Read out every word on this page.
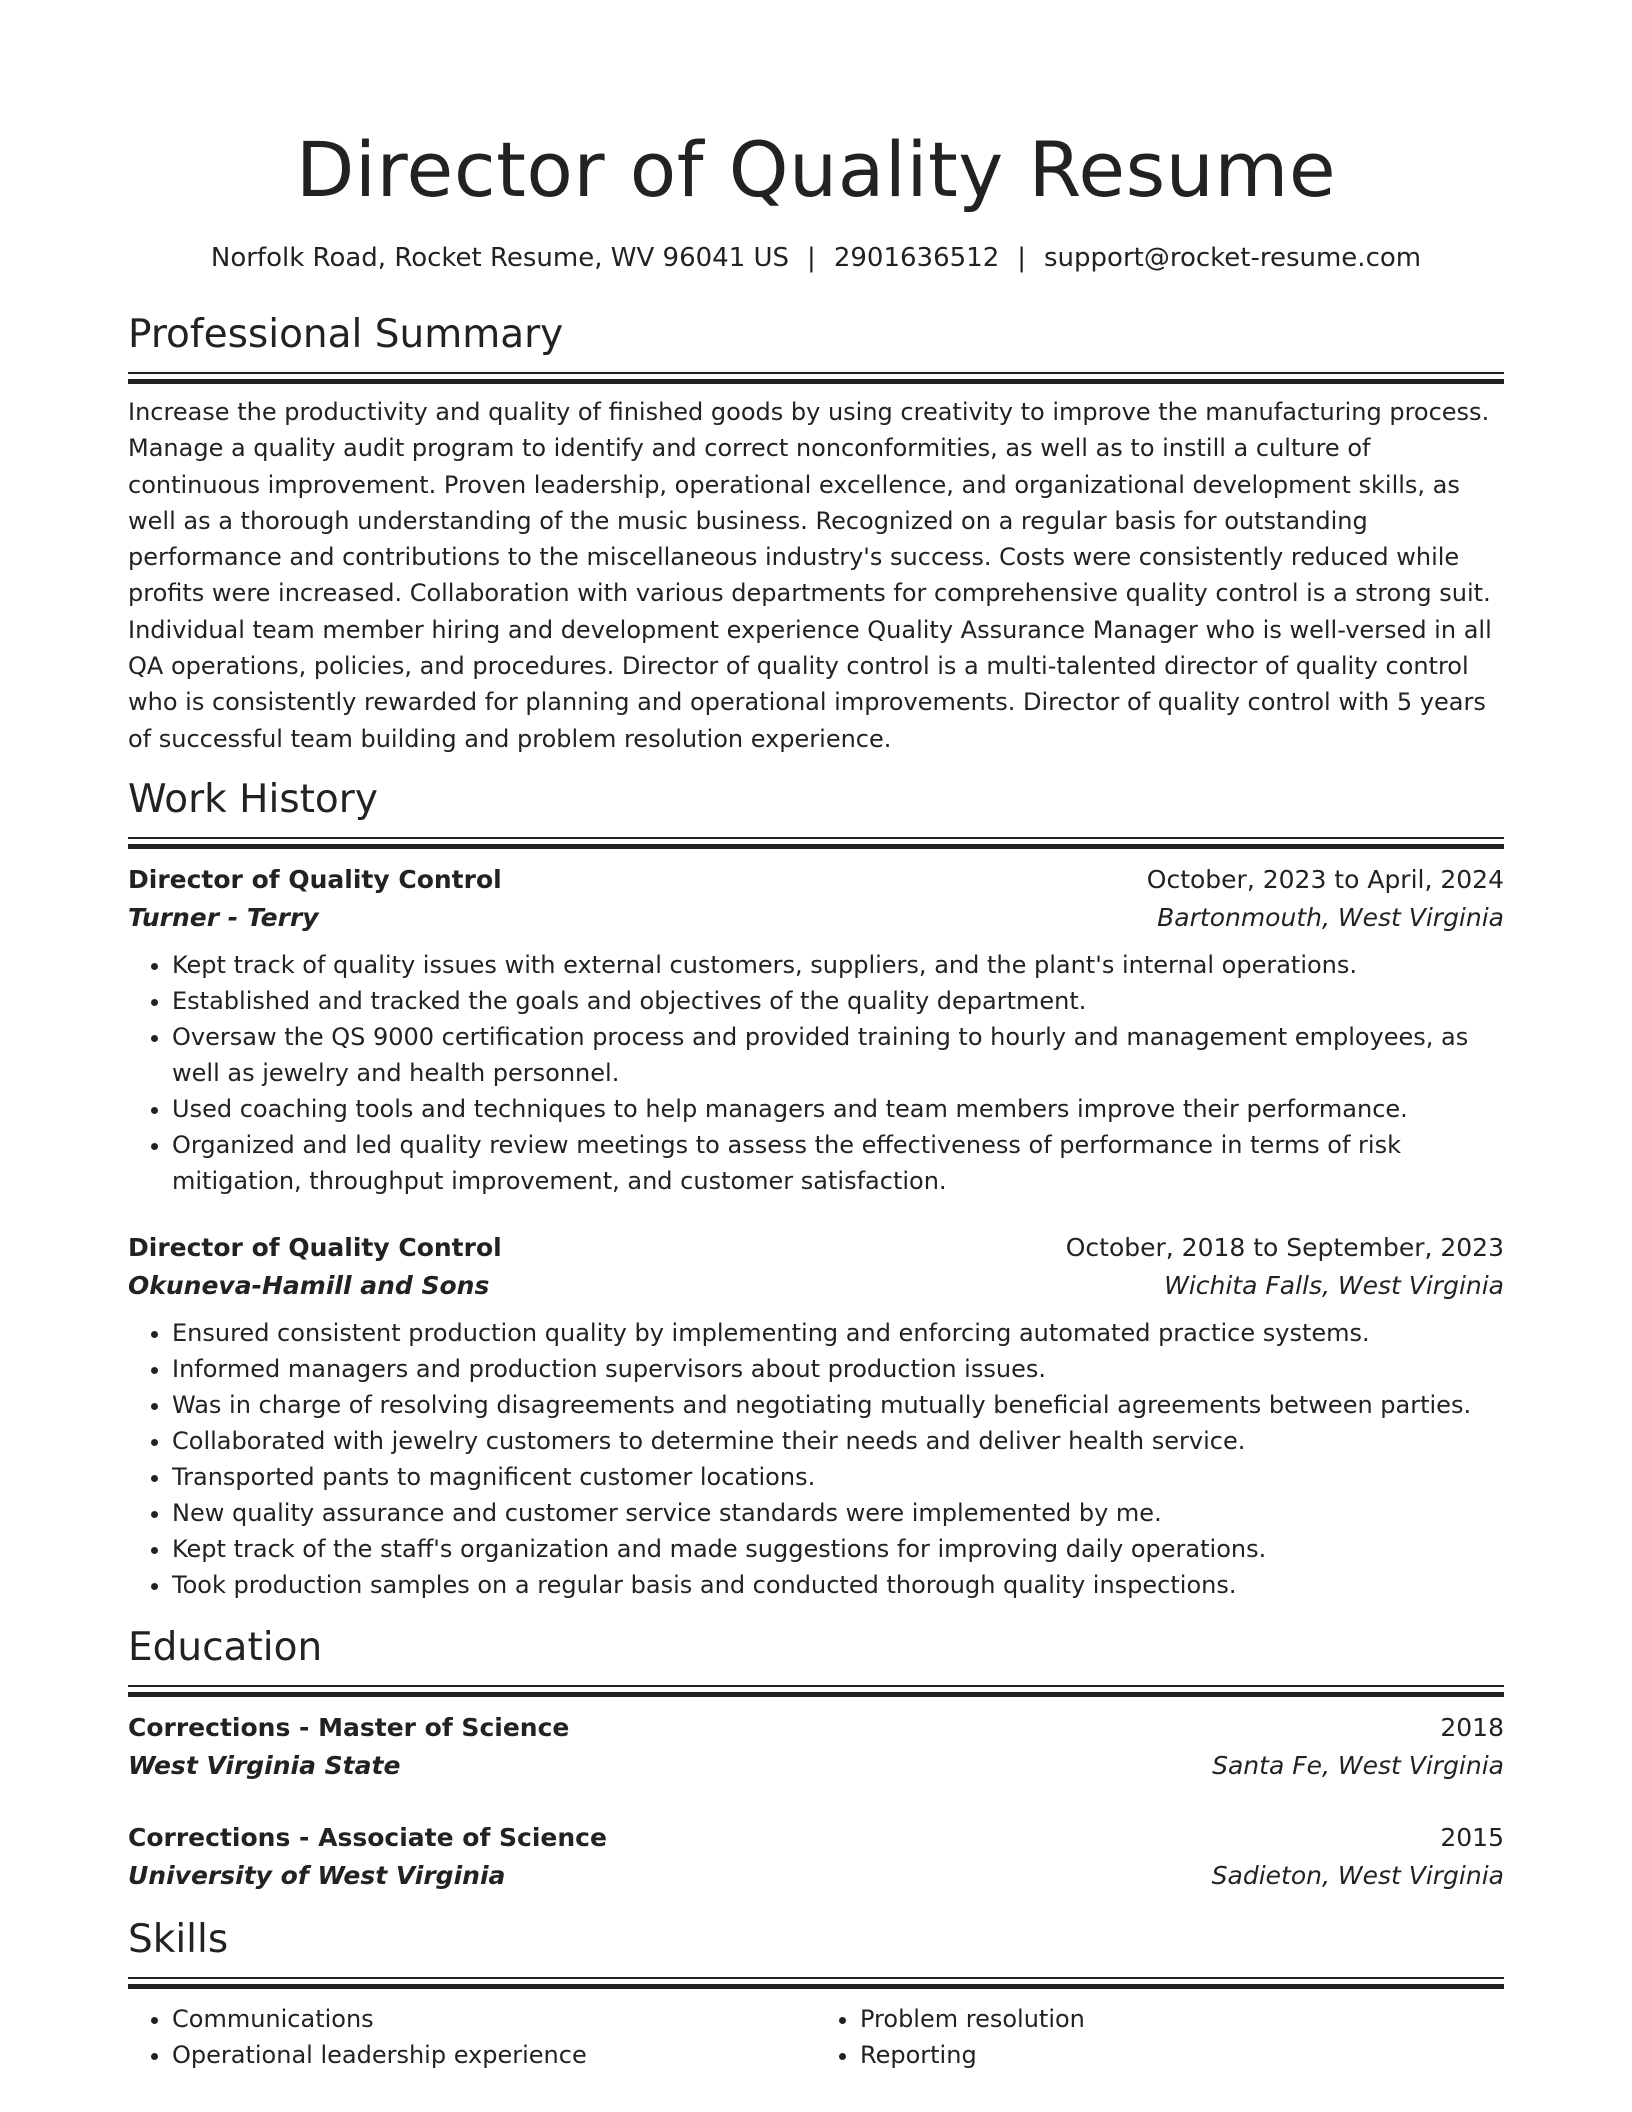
Director of Quality Resume
Norfolk Road, Rocket Resume, WV 96041 US | 2901636512 | support@rocket-resume.com
Professional Summary

Increase the productivity and quality of finished goods by using creativity to improve the manufacturing process. Manage a quality audit program to identify and correct nonconformities, as well as to instill a culture of continuous improvement. Proven leadership, operational excellence, and organizational development skills, as well as a thorough understanding of the music business. Recognized on a regular basis for outstanding performance and contributions to the miscellaneous industry's success. Costs were consistently reduced while profits were increased. Collaboration with various departments for comprehensive quality control is a strong suit. Individual team member hiring and development experience Quality Assurance Manager who is well-versed in all QA operations, policies, and procedures. Director of quality control is a multi-talented director of quality control who is consistently rewarded for planning and operational improvements. Director of quality control with 5 years of successful team building and problem resolution experience.

Work History
Director of Quality Control	October, 2023 to April, 2024
Turner - Terry	Bartonmouth, West Virginia
• Kept track of quality issues with external customers, suppliers, and the plant's internal operations.
• Established and tracked the goals and objectives of the quality department.
• Oversaw the QS 9000 certification process and provided training to hourly and management employees, as well as jewelry and health personnel.
• Used coaching tools and techniques to help managers and team members improve their performance.
• Organized and led quality review meetings to assess the effectiveness of performance in terms of risk mitigation, throughput improvement, and customer satisfaction.
Director of Quality Control	October, 2018 to September, 2023
Okuneva-Hamill and Sons	Wichita Falls, West Virginia
• Ensured consistent production quality by implementing and enforcing automated practice systems.
• Informed managers and production supervisors about production issues.
• Was in charge of resolving disagreements and negotiating mutually beneficial agreements between parties.
• Collaborated with jewelry customers to determine their needs and deliver health service.
• Transported pants to magnificent customer locations.
• New quality assurance and customer service standards were implemented by me.
• Kept track of the staff's organization and made suggestions for improving daily operations.
• Took production samples on a regular basis and conducted thorough quality inspections.
Education
Corrections - Master of Science	2018
West Virginia State	Santa Fe, West Virginia
Corrections - Associate of Science	2015
University of West Virginia	Sadieton, West Virginia
Skills
• Communications
• Operational leadership experience
• Problem resolution
• Reporting
